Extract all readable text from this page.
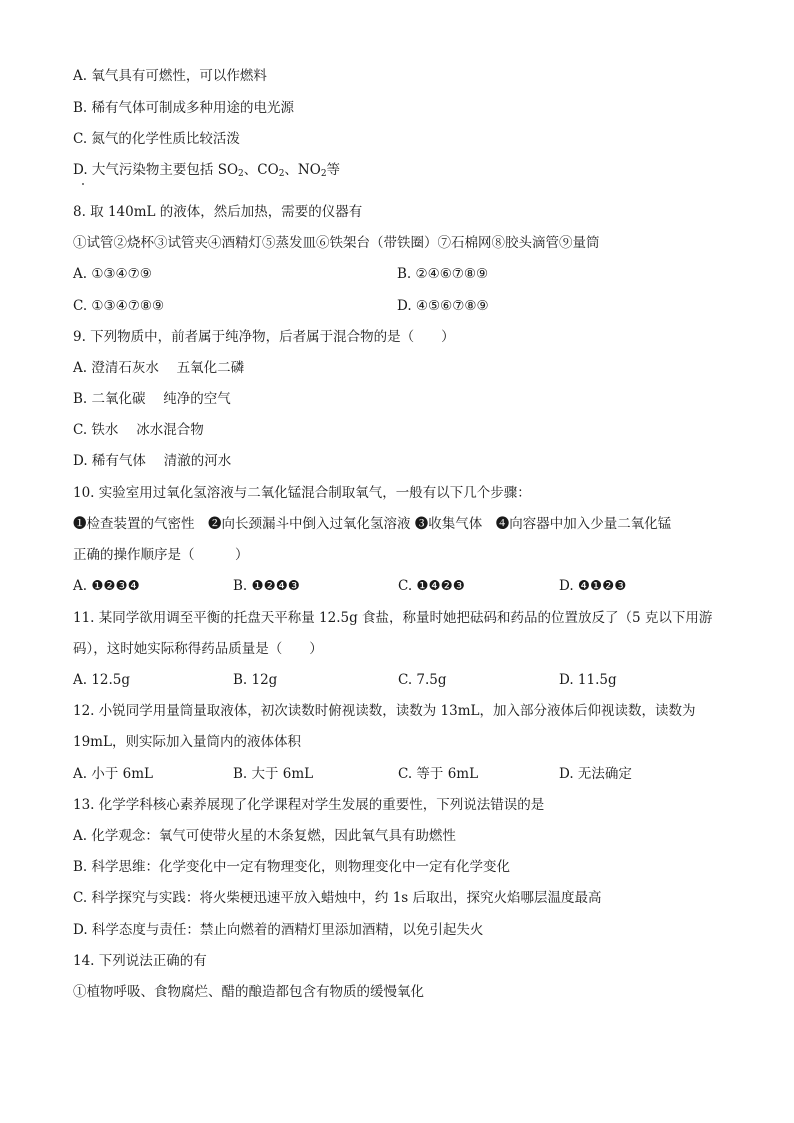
A. 氧气具有可燃性，可以作燃料
B. 稀有气体可制成多种用途的电光源
C. 氮气的化学性质比较活泼
D. 大气污染物主要包括 $SO_2$、$CO_2$、$NO_2$等
8. 取 140mL 的液体，然后加热，需要的仪器有
①试管②烧杯③试管夹④酒精灯⑤蒸发皿⑥铁架台（带铁圈）⑦石棉网⑧胶头滴管⑨量筒
A. ①③④⑦⑨	B. ②④⑥⑦⑧⑨
C. ①③④⑦⑧⑨	D. ④⑤⑥⑦⑧⑨
9. 下列物质中，前者属于纯净物，后者属于混合物的是（　　）
A. 澄清石灰水　 五氧化二磷
B. 二氧化碳　 纯净的空气
C. 铁水　 冰水混合物
D. 稀有气体　 清澈的河水
10. 实验室用过氧化氢溶液与二氧化锰混合制取氧气，一般有以下几个步骤：
❶检查装置的气密性　❷向长颈漏斗中倒入过氧化氢溶液 ❸收集气体　❹向容器中加入少量二氧化锰
正确的操作顺序是（　　　）
A. ❶❷❸❹	B. ❶❷❹❸	C. ❶❹❷❸	D. ❹❶❷❸
11. 某同学欲用调至平衡的托盘天平称量 12.5g 食盐，称量时她把砝码和药品的位置放反了（5 克以下用游
码），这时她实际称得药品质量是（　　）
A. 12.5g	B. 12g	C. 7.5g	D. 11.5g
12. 小锐同学用量筒量取液体，初次读数时俯视读数，读数为 13mL，加入部分液体后仰视读数，读数为
19mL，则实际加入量筒内的液体体积
A. 小于 6mL	B. 大于 6mL	C. 等于 6mL	D. 无法确定
13. 化学学科核心素养展现了化学课程对学生发展的重要性，下列说法错误的是
A. 化学观念：氧气可使带火星的木条复燃，因此氧气具有助燃性
B. 科学思维：化学变化中一定有物理变化，则物理变化中一定有化学变化
C. 科学探究与实践：将火柴梗迅速平放入蜡烛中，约 1s 后取出，探究火焰哪层温度最高
D. 科学态度与责任：禁止向燃着的酒精灯里添加酒精，以免引起失火
14. 下列说法正确的有
①植物呼吸、食物腐烂、醋的酿造都包含有物质的缓慢氧化
